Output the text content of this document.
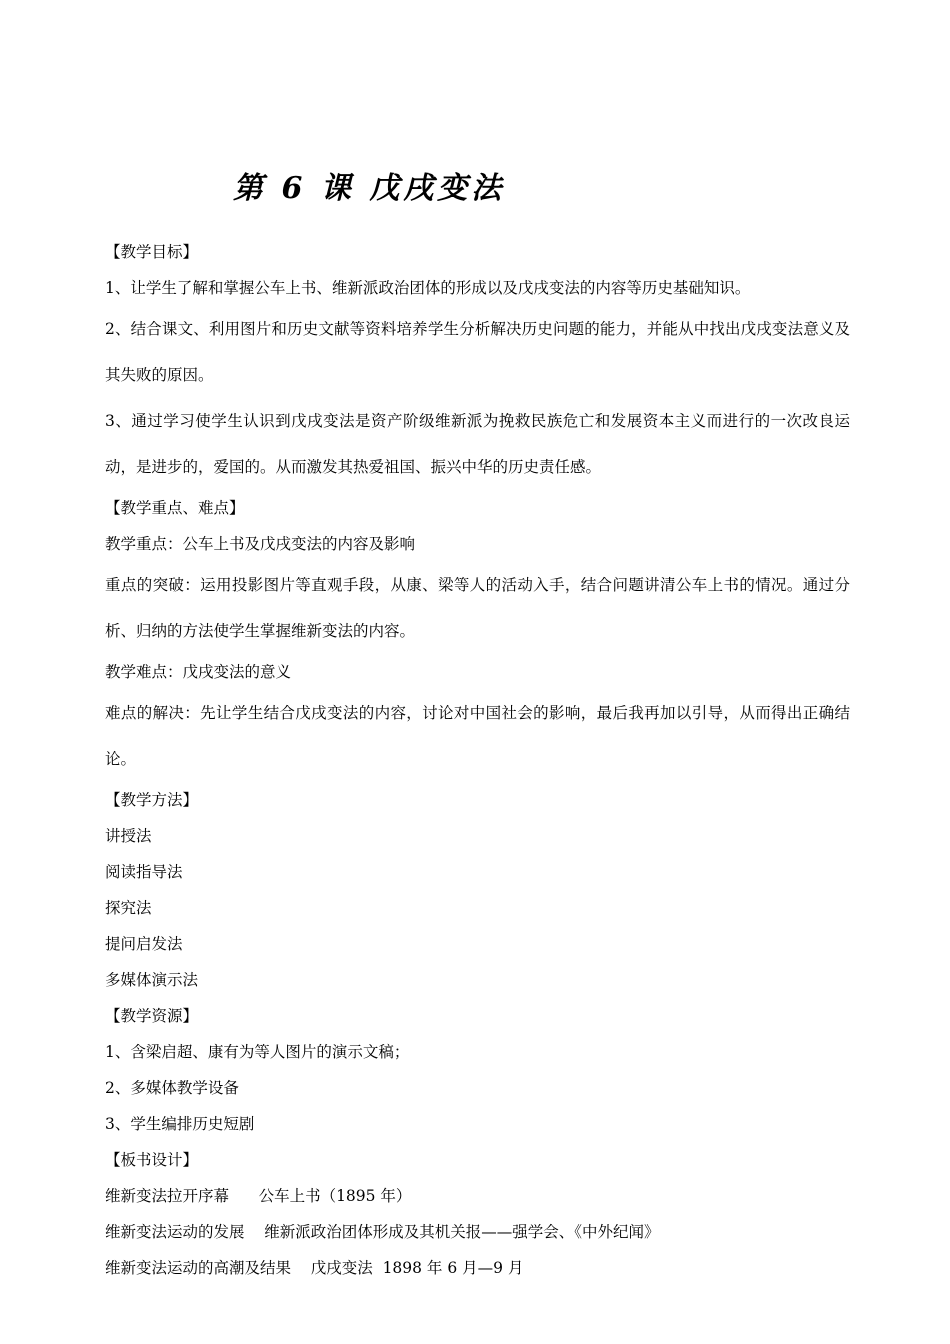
第 6 课 戊戌变法

【教学目标】

1、让学生了解和掌握公车上书、维新派政治团体的形成以及戊戌变法的内容等历史基础知识。

2、结合课文、利用图片和历史文献等资料培养学生分析解决历史问题的能力，并能从中找出戊戌变法意义及其失败的原因。

3、通过学习使学生认识到戊戌变法是资产阶级维新派为挽救民族危亡和发展资本主义而进行的一次改良运动，是进步的，爱国的。从而激发其热爱祖国、振兴中华的历史责任感。

【教学重点、难点】

教学重点：公车上书及戊戌变法的内容及影响

重点的突破：运用投影图片等直观手段，从康、梁等人的活动入手，结合问题讲清公车上书的情况。通过分析、归纳的方法使学生掌握维新变法的内容。

教学难点：戊戌变法的意义

难点的解决：先让学生结合戊戌变法的内容，讨论对中国社会的影响，最后我再加以引导，从而得出正确结论。

【教学方法】

讲授法

阅读指导法

探究法

提问启发法

多媒体演示法

【教学资源】

1、含梁启超、康有为等人图片的演示文稿；

2、多媒体教学设备

3、学生编排历史短剧

【板书设计】

维新变法拉开序幕      公车上书（1895 年）

维新变法运动的发展    维新派政治团体形成及其机关报——强学会、《中外纪闻》

维新变法运动的高潮及结果    戊戌变法  1898 年 6 月—9 月
